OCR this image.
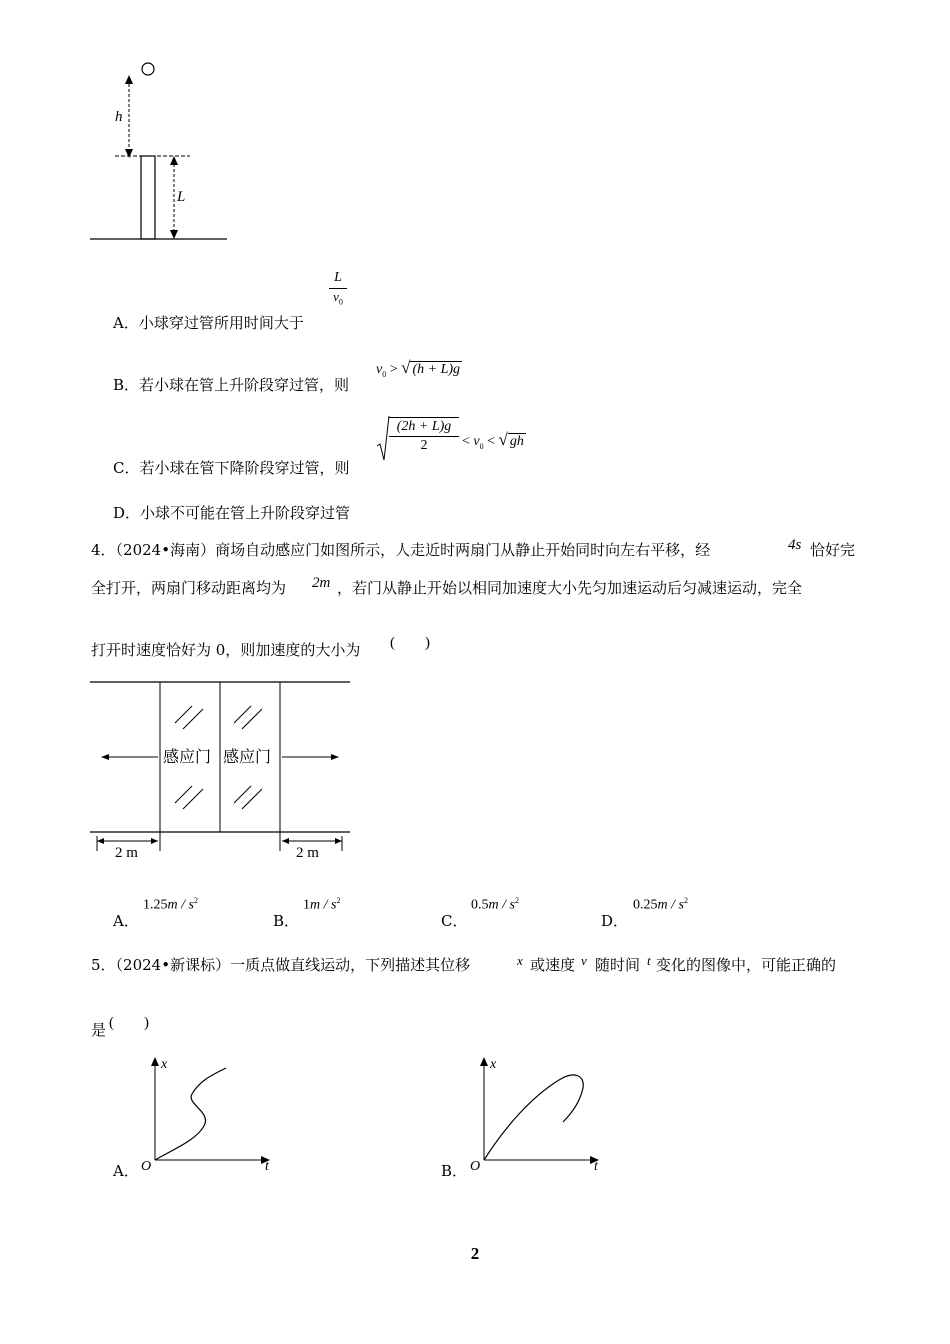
h
L
A．小球穿过管所用时间大于
L
$v_0$
B．若小球在管上升阶段穿过管，则
$v_0$ > √ (h + L)g
C．若小球在管下降阶段穿过管，则
(2h + L)g
2	< $v_0$ < √ gh
D．小球不可能在管上升阶段穿过管
4．（2024•海南）商场自动感应门如图所示，人走近时两扇门从静止开始同时向左右平移，经	4s 恰好完
全打开，两扇门移动距离均为 2m ，若门从静止开始以相同加速度大小先匀加速运动后匀减速运动，完全
打开时速度恰好为 0，则加速度的大小为 (        )
感应门 感应门
2 m	2 m
A．
$1.25m / s^2$
B．
$1m / s^2$
C．
$0.5m / s^2$
D．
$0.25m / s^2$
5．（2024•新课标）一质点做直线运动，下列描述其位移	x 或速度 v 随时间 t 变化的图像中，可能正确的
是 (        )
A．
x
t
O	B．
x
t
O
2
